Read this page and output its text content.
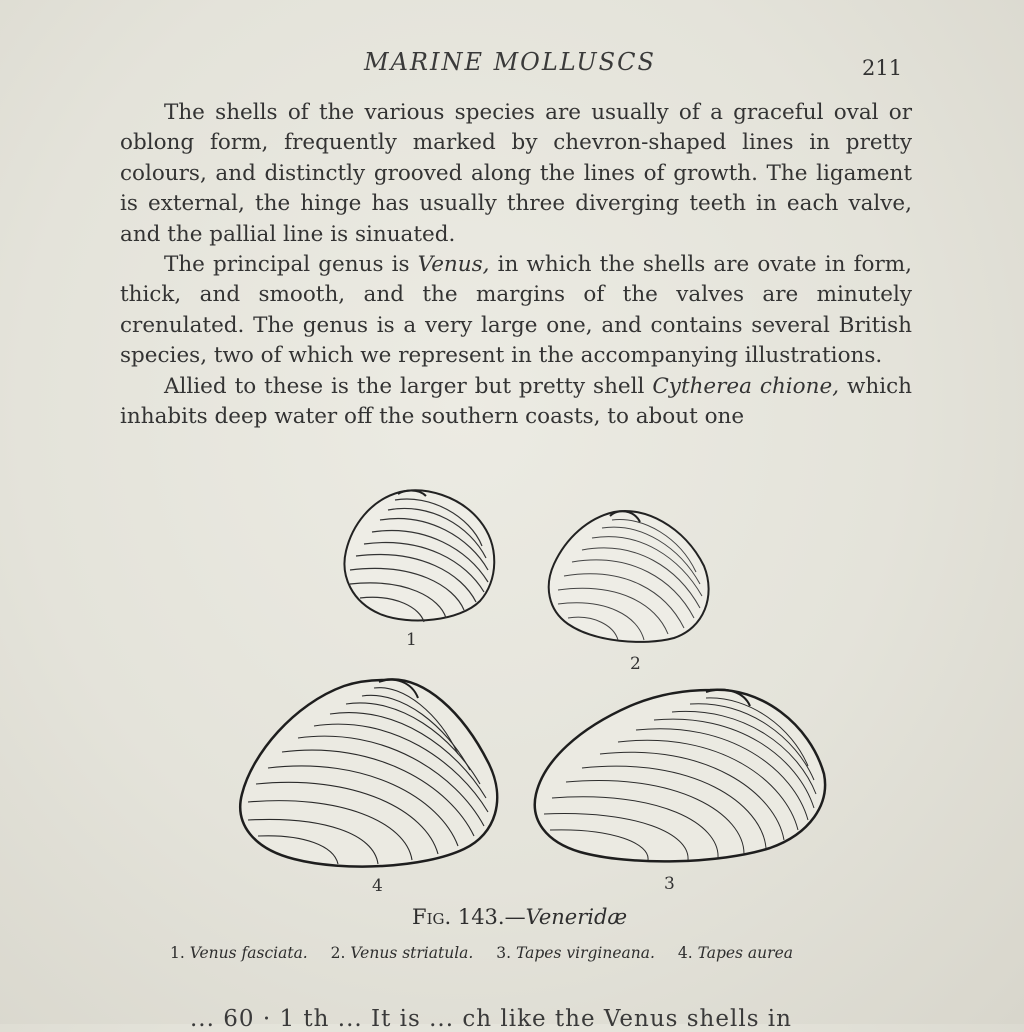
MARINE MOLLUSCS	211

The shells of the various species are usually of a graceful oval or oblong form, frequently marked by chevron-shaped lines in pretty colours, and distinctly grooved along the lines of growth. The ligament is external, the hinge has usually three diverging teeth in each valve, and the pallial line is sinuated.

The principal genus is Venus, in which the shells are ovate in form, thick, and smooth, and the margins of the valves are minutely crenulated. The genus is a very large one, and contains several British species, two of which we represent in the accompanying illustrations.

Allied to these is the larger but pretty shell Cytherea chione, which inhabits deep water off the southern coasts, to about one

1
2
4	3
Fig. 143.—Veneridæ
1. Venus fasciata. 2. Venus striatula. 3. Tapes virgineana. 4. Tapes aurea
... 60 · 1 th ... It is ... ch like the Venus shells in
